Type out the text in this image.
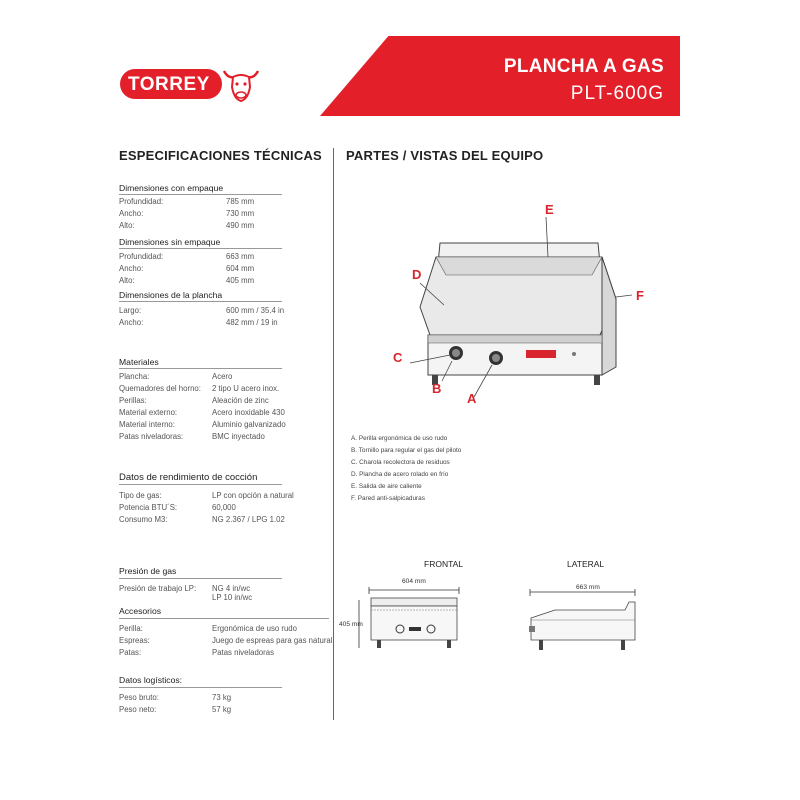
TORREY
PLANCHA A GAS
PLT-600G
ESPECIFICACIONES TÉCNICAS PARTES / VISTAS DEL EQUIPO
Dimensiones con empaque
Profundidad:	785 mm
Ancho:	730 mm
Alto:	490 mm
Dimensiones sin empaque
Profundidad:	663 mm
Ancho:	604 mm
Alto:	405 mm
Dimensiones de la plancha
Largo:	600 mm / 35.4 in
Ancho:	482 mm / 19 in
Materiales
Plancha:	Acero
Quemadores del horno: 2 tipo U acero inox.
Perillas:	Aleación de zinc
Material externo:	Acero inoxidable 430
Material interno:	Aluminio galvanizado
Patas niveladoras:	BMC inyectado
Datos de rendimiento de cocción
Tipo de gas:	LP con opción a natural
Potencia BTU´S:	60,000
Consumo M3:	NG 2.367 / LPG 1.02
Presión de gas
Presión de trabajo LP: NG 4 in/wc
LP 10 in/wc
Accesorios
Perilla:	Ergonómica de uso rudo
Espreas:	Juego de espreas para gas natural
Patas:	Patas niveladoras
Datos logísticos:
Peso bruto:	73 kg
Peso neto:	57 kg
A
B
C
D
E
F
A. Perilla ergonómica de uso rudo
B. Tornillo para regular el gas del piloto
C. Charola recolectora de residuos
D. Plancha de acero rolado en frío
E. Salida de aire caliente
F. Pared anti-salpicaduras
FRONTAL	LATERAL
604 mm
405 mm
663 mm
